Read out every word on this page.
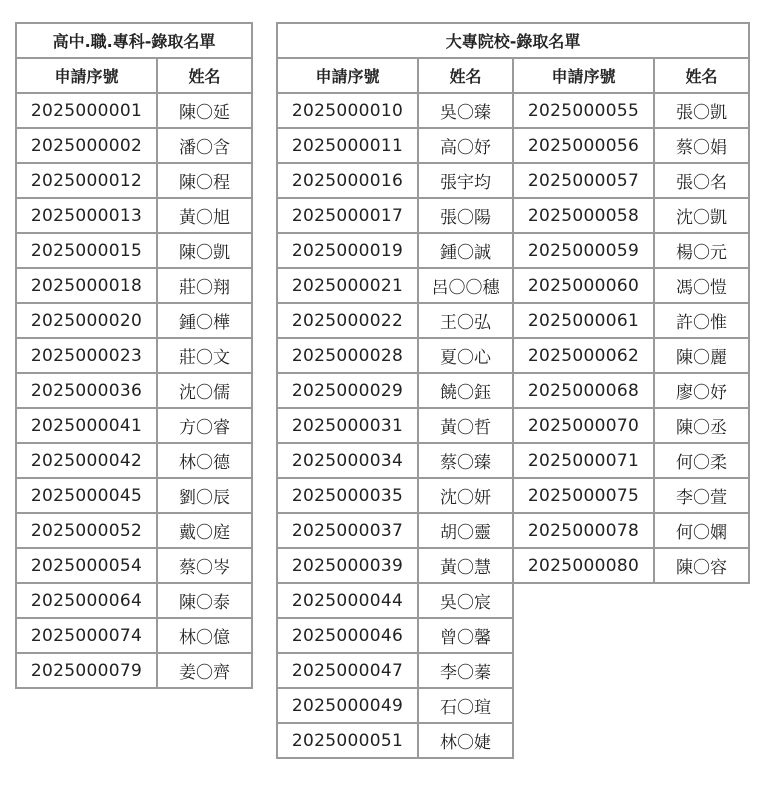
高中.職.專科-錄取名單	
申請序號	姓名
2025000001	陳〇延
2025000002	潘〇含
2025000012	陳〇程
2025000013	黃〇旭
2025000015	陳〇凱
2025000018	莊〇翔
2025000020	鍾〇樺
2025000023	莊〇文
2025000036	沈〇儒
2025000041	方〇睿
2025000042	林〇德
2025000045	劉〇辰
2025000052	戴〇庭
2025000054	蔡〇岑
2025000064	陳〇泰
2025000074	林〇億
2025000079	姜〇齊
大專院校-錄取名單			
申請序號	姓名	申請序號	姓名
2025000010	吳〇臻	2025000055	張〇凱
2025000011	高〇妤	2025000056	蔡〇娟
2025000016	張宇均	2025000057	張〇名
2025000017	張〇陽	2025000058	沈〇凱
2025000019	鍾〇誠	2025000059	楊〇元
2025000021	呂〇〇穗	2025000060	馮〇愷
2025000022	王〇弘	2025000061	許〇惟
2025000028	夏〇心	2025000062	陳〇麗
2025000029	饒〇鈺	2025000068	廖〇妤
2025000031	黃〇哲	2025000070	陳〇丞
2025000034	蔡〇臻	2025000071	何〇柔
2025000035	沈〇妍	2025000075	李〇萱
2025000037	胡〇靈	2025000078	何〇嫻
2025000039	黃〇慧	2025000080	陳〇容
2025000044	吳〇宸		
2025000046	曾〇馨		
2025000047	李〇蓁		
2025000049	石〇瑄		
2025000051	林〇婕		
